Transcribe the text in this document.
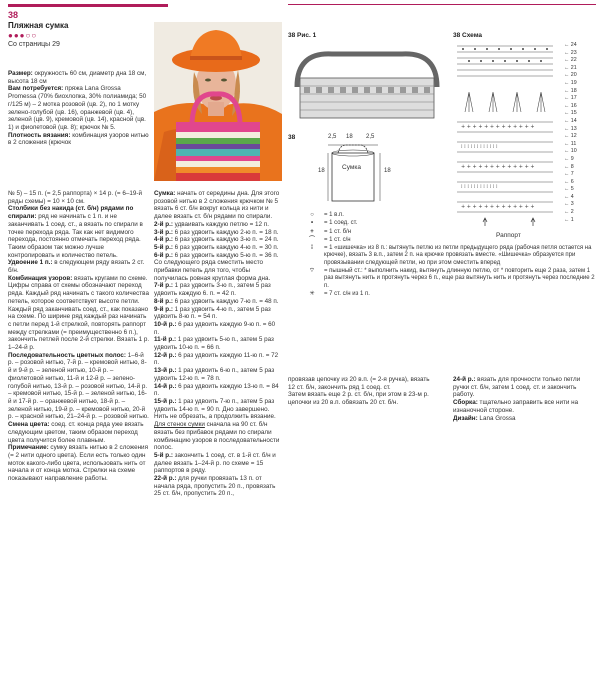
38
Пляжная сумка
●●●○○
Со страницы 29

Размер: окружность 60 см, диаметр дна 18 см, высота 18 см

Вам потребуется: пряжа Lana Grossa Promessa (70% биохлопка, 30% полиамида; 50 г/125 м) – 2 мотка розовой (цв. 2), по 1 мотку зелено-голубой (цв. 16), оранжевой (цв. 4), зеленой (цв. 9), кремовой (цв. 14), красной (цв. 1) и фиолетовой (цв. 8); крючок № 5.

Плотность вязания: комбинация узоров нитью в 2 сложения (крючок

№ 5) – 15 п. (= 2,5 раппорта) × 14 р. (= 6–19-й ряды схемы) = 10 × 10 см.

Столбики без накида (ст. б/н) рядами по спирали: ряд не начинать с 1 п. и не заканчивать 1 соед. ст., а вязать по спирали в точке перехода ряда. Так как нет видимого перехода, постоянно отмечать переход ряда. Таким образом так можно лучше контролировать и количество петель.

Удвоение 1 п.: в следующем ряду вязать 2 ст. б/н.

Комбинация узоров: вязать кругами по схеме. Цифры справа от схемы обозначают переход ряда. Каждый ряд начинать с такого количества петель, которое соответствует высоте петли. Каждый ряд заканчивать соед. ст., как показано на схеме. По ширине ряд каждый раз начинать с петли перед 1-й стрелкой, повторять раппорт между стрелками (= преимущественно 6 п.), закончить петлей после 2-й стрелки. Вязать 1 р. 1–24-й р.

Последовательность цветных полос: 1–6-й р. – розовой нитью, 7-й р. – кремовой нитью, 8-й и 9-й р. – зеленой нитью, 10-й р. – фиолетовой нитью, 11-й и 12-й р. – зелено-голубой нитью, 13-й р. – розовой нитью, 14-й р. – кремовой нитью, 15-й р. – зеленой нитью, 16-й и 17-й р. – оранжевой нитью, 18-й р. – зеленой нитью, 19-й р. – кремовой нитью, 20-й р. – красной нитью, 21–24-й р. – розовой нитью.

Смена цвета: соед. ст. конца ряда уже вязать следующим цветом, таким образом переход цвета получится более плавным.

Примечание: сумку вязать нитью в 2 сложения (= 2 нити одного цвета). Если есть только один моток какого-либо цвета, использовать нить от начала и от конца мотка. Стрелки на схеме показывают направление работы.

Сумка: начать от середины дна. Для этого розовой нитью в 2 сложения крючком № 5 вязать 6 ст. б/н вокруг кольца из нити и далее вязать ст. б/н рядами по спирали.

2-й р.: удваивать каждую петлю = 12 п.

3-й р.: 6 раз удвоить каждую 2-ю п. = 18 п.

4-й р.: 6 раз удвоить каждую 3-ю п. = 24 п.

5-й р.: 6 раз удвоить каждую 4-ю п. = 30 п.

6-й р.: 6 раз удвоить каждую 5-ю п. = 36 п.

Со следующего ряда сместить место прибавки петель для того, чтобы получилась ровная круглая форма дна.

7-й р.: 1 раз удвоить 3-ю п., затем 5 раз удвоить каждую 6. п. = 42 п.

8-й р.: 6 раз удвоить каждую 7-ю п. = 48 п.

9-й р.: 1 раз удвоить 4-ю п., затем 5 раз удвоить 8-ю п. = 54 п.

10-й р.: 6 раз удвоить каждую 9-ю п. = 60 п.

11-й р.: 1 раз удвоить 5-ю п., затем 5 раз удвоить 10-ю п. = 66 п.

12-й р.: 6 раз удвоить каждую 11-ю п. = 72 п.

13-й р.: 1 раз удвоить 6-ю п., затем 5 раз удвоить 12-ю п. = 78 п.

14-й р.: 6 раз удвоить каждую 13-ю п. = 84 п.

15-й р.: 1 раз удвоить 7-ю п., затем 5 раз удвоить 14-ю п. = 90 п. Дно завершено. Нить не обрезать, а продолжить вязание.

Для стенок сумки сначала на 90 ст. б/н вязать без прибавок рядами по спирали комбинацию узоров в последовательности полос.

5-й р.: закончить 1 соед. ст. в 1-й ст. б/н и далее вязать 1–24-й р. по схеме = 15 раппортов в ряду.

22-й р.: для ручки провязать 13 п. от начала ряда, пропустить 20 п., провязать 25 ст. б/н, пропустить 20 п.,

провязав цепочку из 20 в.п. (= 2-я ручка), вязать 12 ст. б/н, закончить ряд 1 соед. ст.

Затем вязать еще 2 р. ст. б/н, при этом в 23-м р. цепочки из 20 в.п. обвязать 20 ст. б/н.

24-й р.: вязать для прочности только петли ручки ст. б/н, затем 1 соед. ст. и закончить работу.

Сборка: тщательно заправить все нити на изнаночной стороне.

Дизайн: Lana Grossa

38 Рис. 1
38	2,5 18 2,5
18	18
Сумка
38 Схема
+ + + + + + + + + + + + +
⁞ ⁞ ⁞ ⁞ ⁞ ⁞ ⁞ ⁞ ⁞ ⁞ ⁞ ⁞
+ + + + + + + + + + + + +
⁞ ⁞ ⁞ ⁞ ⁞ ⁞ ⁞ ⁞ ⁞ ⁞ ⁞ ⁞
+ + + + + + + + + + + + +
← 24
← 23
← 22
← 21
← 20
← 19
← 18
← 17
← 16
← 15
← 14
← 13
← 12
← 11
← 10
← 9
← 8
← 7
← 6
← 5
← 4
← 3
← 2
← 1
Раппорт
○	= 1 в.п.
•	= 1 соед. ст.
+	= 1 ст. б/н
⌒	= 1 ст. с/н
⁞	= 1 «шишечка» из 8 п.: вытянуть петлю из петли предыдущего ряда (рабочая петля остается на крючке), вязать 3 в.п., затем 2 п. на крючке провязать вместе. «Шишечка» образуется при провязывании следующей петли, но при этом сместить вперед
⌔	= пышный ст.: * выполнить накид, вытянуть длинную петлю, от * повторить еще 2 раза, затем 1 раз вытянуть нить и протянуть через 6 п., еще раз вытянуть нить и протянуть через последние 2 п.
✳	= 7 ст. с/н из 1 п.
